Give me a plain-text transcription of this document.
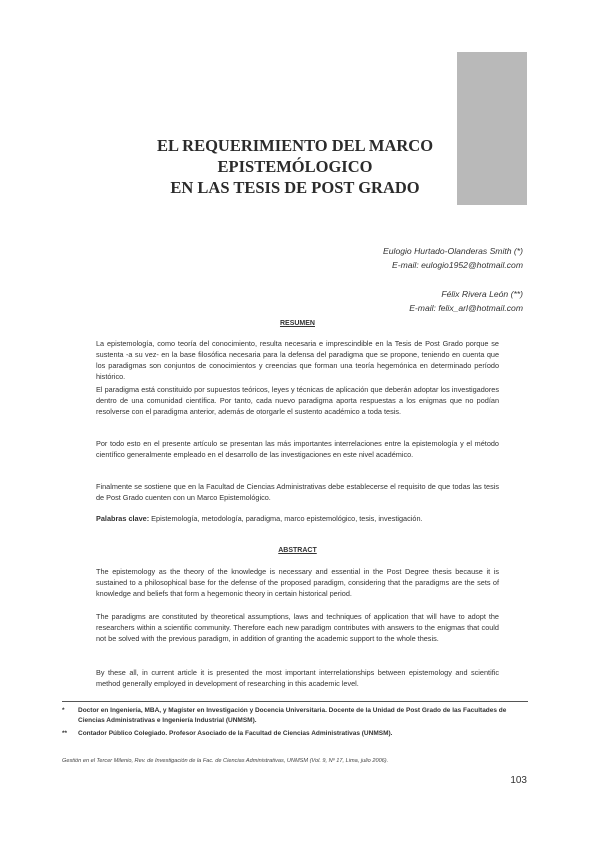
EL REQUERIMIENTO DEL MARCO
EPISTEMÓLOGICO
EN LAS TESIS DE POST GRADO
Eulogio Hurtado-Olanderas Smith (*)
E-mail: eulogio1952@hotmail.com
Félix Rivera León (**)
E-mail: felix_arl@hotmail.com
RESUMEN
La epistemología, como teoría del conocimiento, resulta necesaria e imprescindible en la Tesis de Post Grado porque se sustenta -a su vez- en la base filosófica necesaria para la defensa del paradigma que se propone, teniendo en cuenta que los paradigmas son conjuntos de conocimientos y creencias que forman una teoría hegemónica en determinado período histórico.
El paradigma está constituido por supuestos teóricos, leyes y técnicas de aplicación que deberán adoptar los investigadores dentro de una comunidad científica. Por tanto, cada nuevo paradigma aporta respuestas a los enigmas que no podían resolverse con el paradigma anterior, además de otorgarle el sustento académico a toda tesis.
Por todo esto en el presente artículo se presentan las más importantes interrelaciones entre la epistemología y el método científico generalmente empleado en el desarrollo de las investigaciones en este nivel académico.
Finalmente se sostiene que en la Facultad de Ciencias Administrativas debe establecerse el requisito de que todas las tesis de Post Grado cuenten con un Marco Epistemológico.
Palabras clave: Epistemología, metodología, paradigma, marco epistemológico, tesis, investigación.
ABSTRACT
The epistemology as the theory of the knowledge is necessary and essential in the Post Degree thesis because it is sustained to a philosophical base for the defense of the proposed paradigm, considering that the paradigms are the sets of knowledge and beliefs that form a hegemonic theory in certain historical period.
The paradigms are constituted by theoretical assumptions, laws and techniques of application that will have to adopt the researchers within a scientific community. Therefore each new paradigm contributes with answers to the enigmas that could not be solved with the previous paradigm, in addition of granting the academic support to the whole thesis.
By these all, in current article it is presented the most important interrelationships between epistemology and scientific method generally employed in development of researching in this academic level.
*	Doctor en Ingeniería, MBA, y Magíster en Investigación y Docencia Universitaria. Docente de la Unidad de Post Grado de las Facultades de Ciencias Administrativas e Ingeniería Industrial (UNMSM).
**	Contador Público Colegiado. Profesor Asociado de la Facultad de Ciencias Administrativas (UNMSM).
Gestión en el Tercer Milenio, Rev. de Investigación de la Fac. de Ciencias Administrativas, UNMSM (Vol. 9, Nº 17, Lima, julio 2006).
103
